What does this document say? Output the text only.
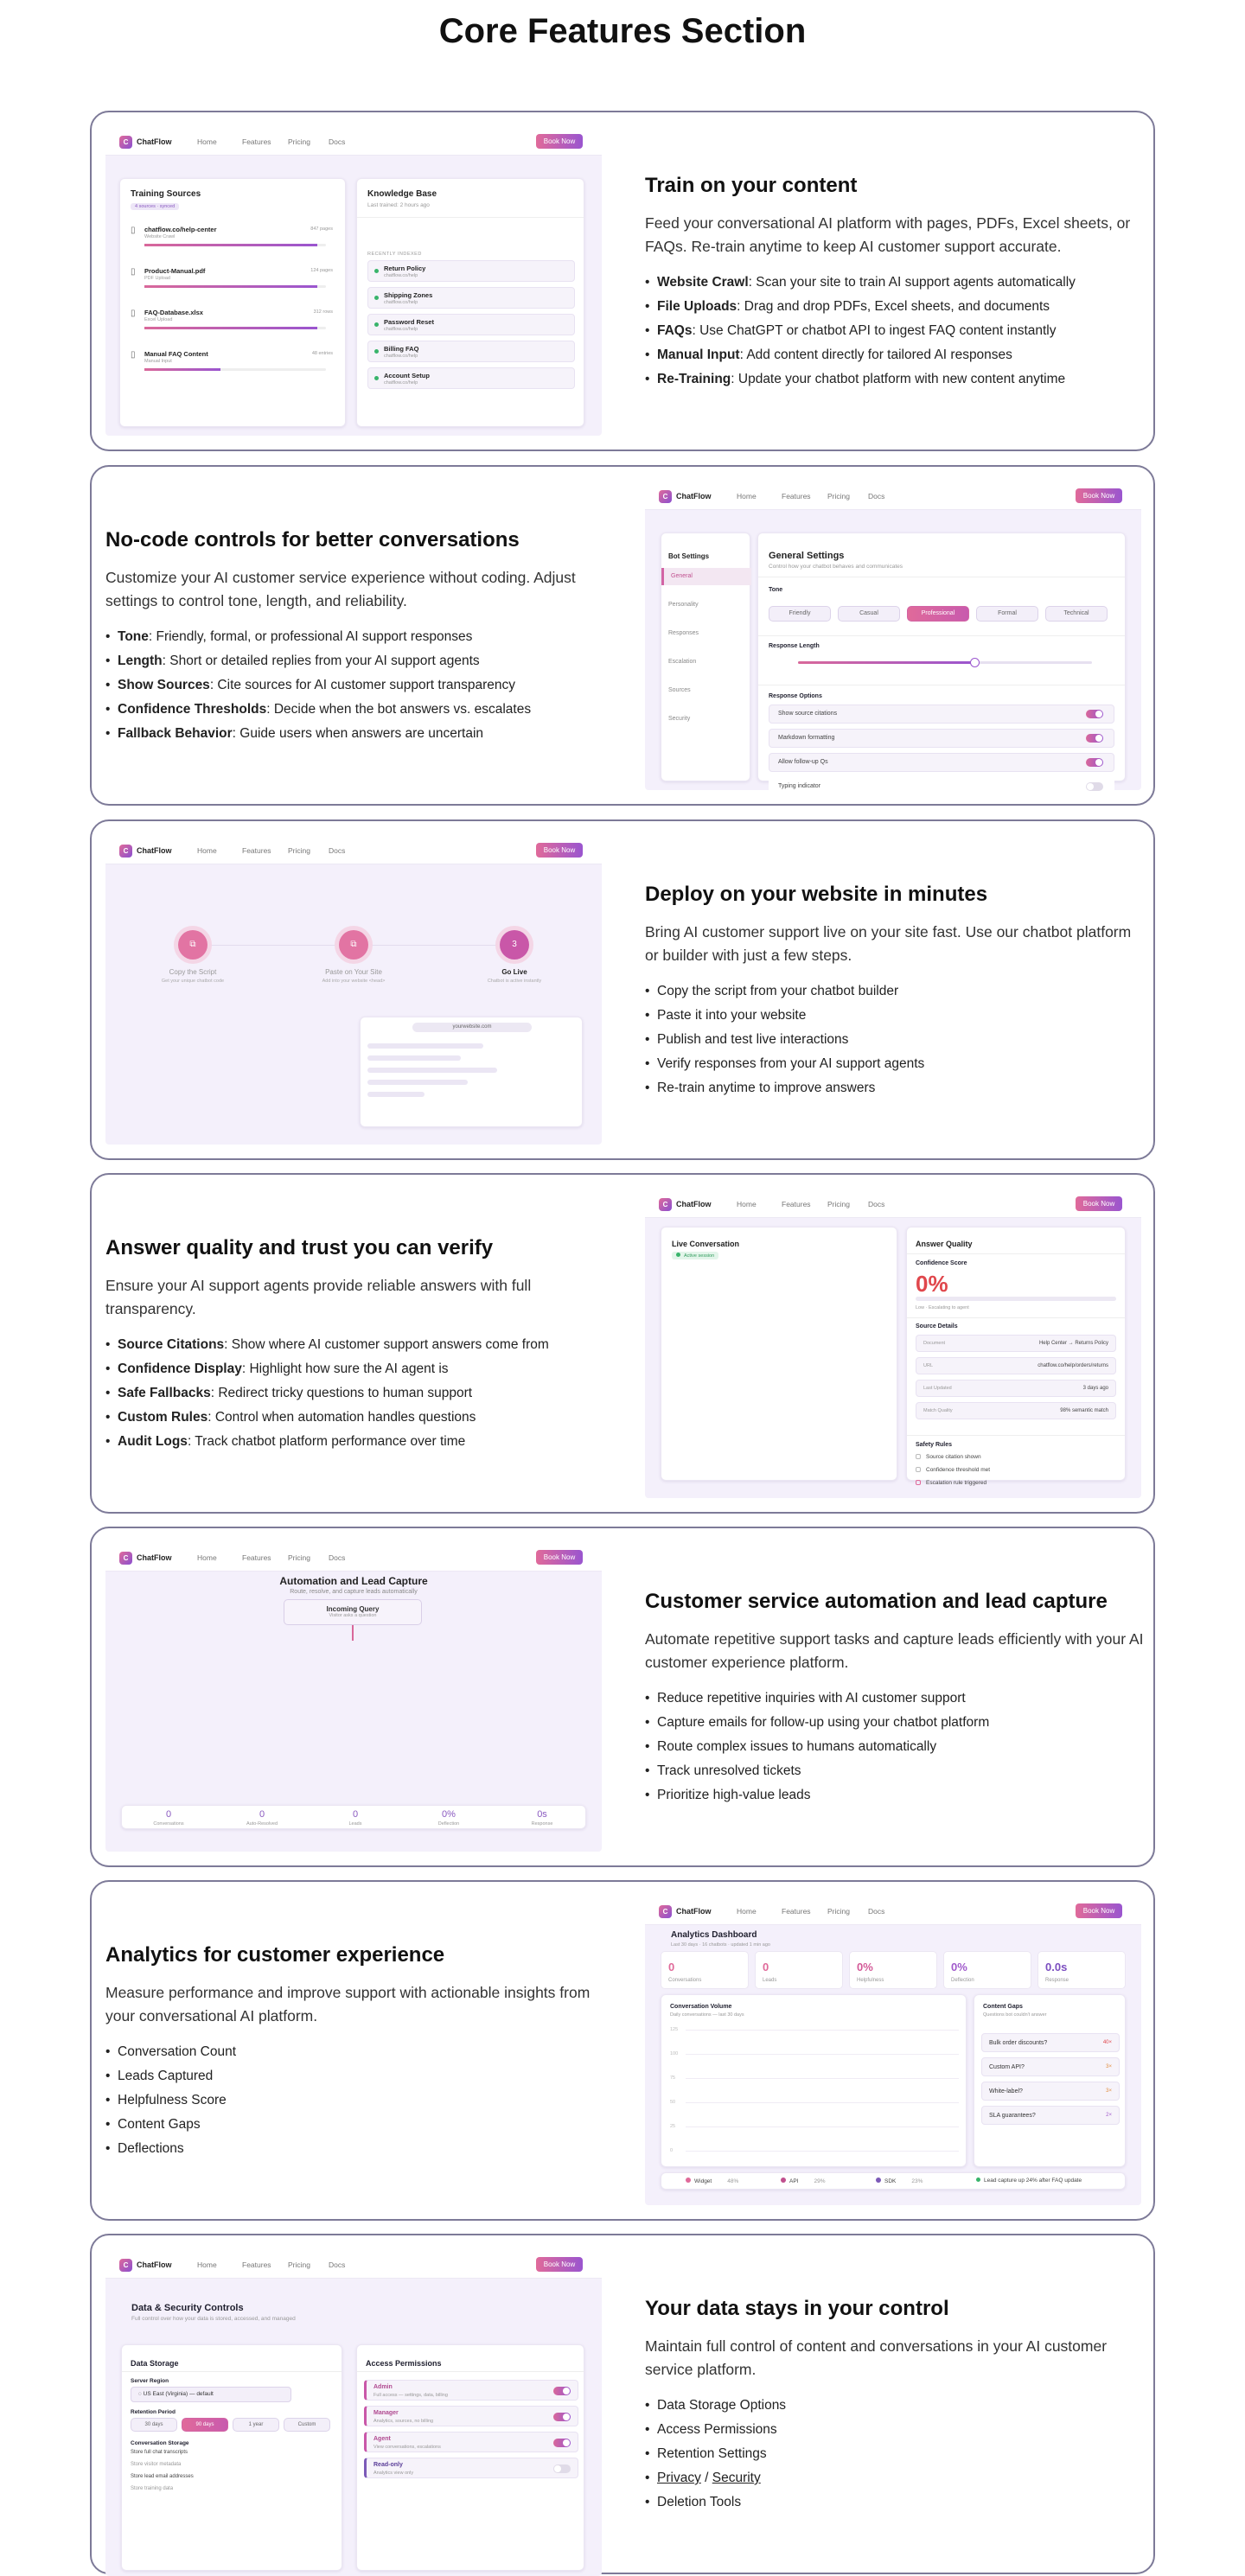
Core Features Section
C	ChatFlow	Home	Features Pricing Docs	Book Now
Training Sources
4 sources · synced
▯ chatflow.co/help-center
Website Crawl
847 pages
▯ Product-Manual.pdf
PDF Upload
124 pages
▯ FAQ-Database.xlsx
Excel Upload
312 rows
▯ Manual FAQ Content
Manual Input
48 entries
Knowledge Base
Last trained: 2 hours ago
RECENTLY INDEXED
Return Policy
chatflow.co/help
Shipping Zones
chatflow.co/help
Password Reset
chatflow.co/help
Billing FAQ
chatflow.co/help
Account Setup
chatflow.co/help
Train on your content
Feed your conversational AI platform with pages, PDFs, Excel sheets, or FAQs. Re-train anytime to keep AI customer support accurate.
• Website Crawl: Scan your site to train AI support agents automatically
• File Uploads: Drag and drop PDFs, Excel sheets, and documents
• FAQs: Use ChatGPT or chatbot API to ingest FAQ content instantly
• Manual Input: Add content directly for tailored AI responses
• Re-Training: Update your chatbot platform with new content anytime
No-code controls for better conversations
Customize your AI customer service experience without coding. Adjust settings to control tone, length, and reliability.
• Tone: Friendly, formal, or professional AI support responses
• Length: Short or detailed replies from your AI support agents
• Show Sources: Cite sources for AI customer support transparency
• Confidence Thresholds: Decide when the bot answers vs. escalates
• Fallback Behavior: Guide users when answers are uncertain
C	ChatFlow	Home	Features Pricing Docs	Book Now
Bot Settings
General
Personality
Responses
Escalation
Sources
Security
General Settings
Control how your chatbot behaves and communicates
Tone
Friendly	Casual	Professional	Formal	Technical
Response Length
Response Options
Show source citations
Markdown formatting
Allow follow-up Qs
Typing indicator
C	ChatFlow	Home	Features Pricing Docs	Book Now
⧉
Copy the Script
Get your unique chatbot code
⧉
Paste on Your Site
Add into your website <head>
3
Go Live
Chatbot is active instantly
yourwebsite.com
Deploy on your website in minutes
Bring AI customer support live on your site fast. Use our chatbot platform or builder with just a few steps.
• Copy the script from your chatbot builder
• Paste it into your website
• Publish and test live interactions
• Verify responses from your AI support agents
• Re-train anytime to improve answers
Answer quality and trust you can verify
Ensure your AI support agents provide reliable answers with full transparency.
• Source Citations: Show where AI customer support answers come from
• Confidence Display: Highlight how sure the AI agent is
• Safe Fallbacks: Redirect tricky questions to human support
• Custom Rules: Control when automation handles questions
• Audit Logs: Track chatbot platform performance over time
C	ChatFlow	Home	Features Pricing Docs	Book Now
Live Conversation
Active session
Answer Quality
Confidence Score
0%
Low · Escalating to agent
Source Details
Document	Help Center → Returns Policy
URL	chatflow.co/help/orders/returns
Last Updated	3 days ago
Match Quality	98% semantic match
Safety Rules
Source citation shown
Confidence threshold met
Escalation rule triggered
C	ChatFlow	Home	Features Pricing Docs	Book Now
Automation and Lead Capture
Route, resolve, and capture leads automatically
Incoming Query
Visitor asks a question
0
Conversations
0
Auto-Resolved
0
Leads
0%
Deflection
0s
Response
Customer service automation and lead capture
Automate repetitive support tasks and capture leads efficiently with your AI customer experience platform.
• Reduce repetitive inquiries with AI customer support
• Capture emails for follow-up using your chatbot platform
• Route complex issues to humans automatically
• Track unresolved tickets
• Prioritize high-value leads
Analytics for customer experience
Measure performance and improve support with actionable insights from your conversational AI platform.
• Conversation Count
• Leads Captured
• Helpfulness Score
• Content Gaps
• Deflections
C	ChatFlow	Home	Features Pricing Docs	Book Now
Analytics Dashboard
Last 30 days · 16 chatbots · updated 1 min ago
0
Conversations
0
Leads
0%
Helpfulness
0%
Deflection
0.0s
Response
Conversation Volume
Daily conversations — last 30 days
125
100
75
50
25
0
Content Gaps
Questions bot couldn't answer
Bulk order discounts?	40×
Custom API?	3×
White-label?	3×
SLA guarantees?	2×
Widget	48%	API	29%	SDK	23%	Lead capture up 24% after FAQ update
C	ChatFlow	Home	Features Pricing Docs	Book Now
Data & Security Controls
Full control over how your data is stored, accessed, and managed
Data Storage
Server Region
◌ US East (Virginia) — default
Retention Period
30 days	90 days	1 year	Custom
Conversation Storage
Store full chat transcripts
Store visitor metadata
Store lead email addresses
Store training data
Access Permissions
Admin
Full access — settings, data, billing
Manager
Analytics, sources, no billing
Agent
View conversations, escalations
Read-only
Analytics view only
Your data stays in your control
Maintain full control of content and conversations in your AI customer service platform.
• Data Storage Options
• Access Permissions
• Retention Settings
• Privacy / Security
• Deletion Tools
